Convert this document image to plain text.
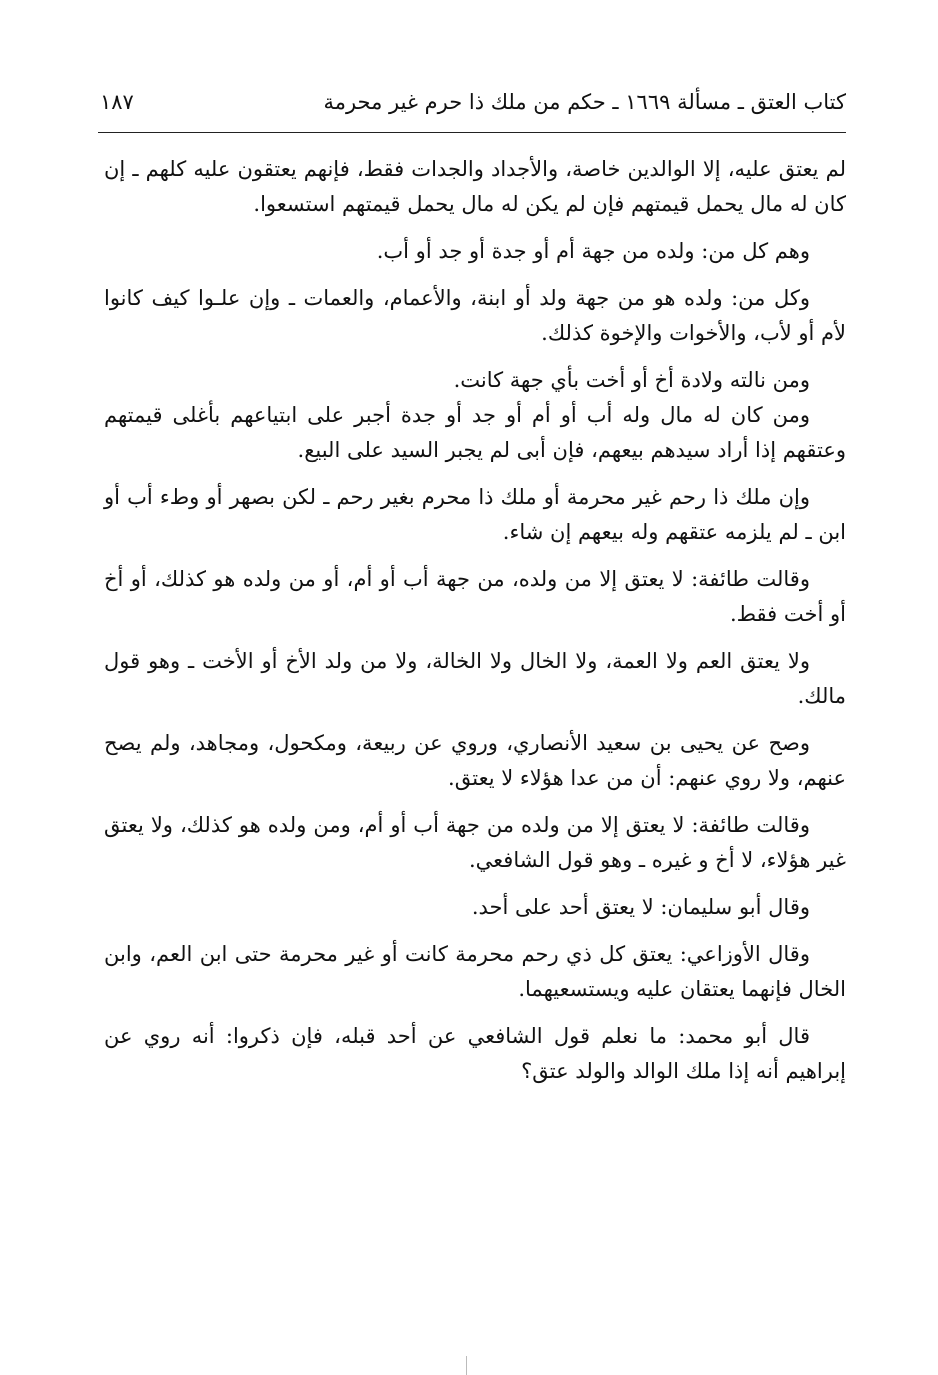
كتاب العتق ـ مسألة ١٦٦٩ ـ حكم من ملك ذا حرم غير محرمة
١٨٧

لم يعتق عليه، إلا الوالدين خاصة، والأجداد والجدات فقط، فإنهم يعتقون عليه كلهم ـ إن كان له مال يحمل قيمتهم فإن لم يكن له مال يحمل قيمتهم استسعوا.

وهم كل من: ولده من جهة أم أو جدة أو جد أو أب.

وكل من: ولده هو من جهة ولد أو ابنة، والأعمام، والعمات ـ وإن علـوا كيف كانوا لأم أو لأب، والأخوات والإخوة كذلك.

ومن نالته ولادة أخ أو أخت بأي جهة كانت.

ومن كان له مال وله أب أو أم أو جد أو جدة أجبر على ابتياعهم بأغلى قيمتهم وعتقهم إذا أراد سيدهم بيعهم، فإن أبى لم يجبر السيد على البيع.

وإن ملك ذا رحم غير محرمة أو ملك ذا محرم بغير رحم ـ لكن بصهر أو وطء أب أو ابن ـ لم يلزمه عتقهم وله بيعهم إن شاء.

وقالت طائفة: لا يعتق إلا من ولده، من جهة أب أو أم، أو من ولده هو كذلك، أو أخ أو أخت فقط.

ولا يعتق العم ولا العمة، ولا الخال ولا الخالة، ولا من ولد الأخ أو الأخت ـ وهو قول مالك.

وصح عن يحيى بن سعيد الأنصاري، وروي عن ربيعة، ومكحول، ومجاهد، ولم يصح عنهم، ولا روي عنهم: أن من عدا هؤلاء لا يعتق.

وقالت طائفة: لا يعتق إلا من ولده من جهة أب أو أم، ومن ولده هو كذلك، ولا يعتق غير هؤلاء، لا أخ و غيره ـ وهو قول الشافعي.

وقال أبو سليمان: لا يعتق أحد على أحد.

وقال الأوزاعي: يعتق كل ذي رحم محرمة كانت أو غير محرمة حتى ابن العم، وابن الخال فإنهما يعتقان عليه ويستسعيهما.

قال أبو محمد: ما نعلم قول الشافعي عن أحد قبله، فإن ذكروا: أنه روي عن إبراهيم أنه إذا ملك الوالد والولد عتق؟
